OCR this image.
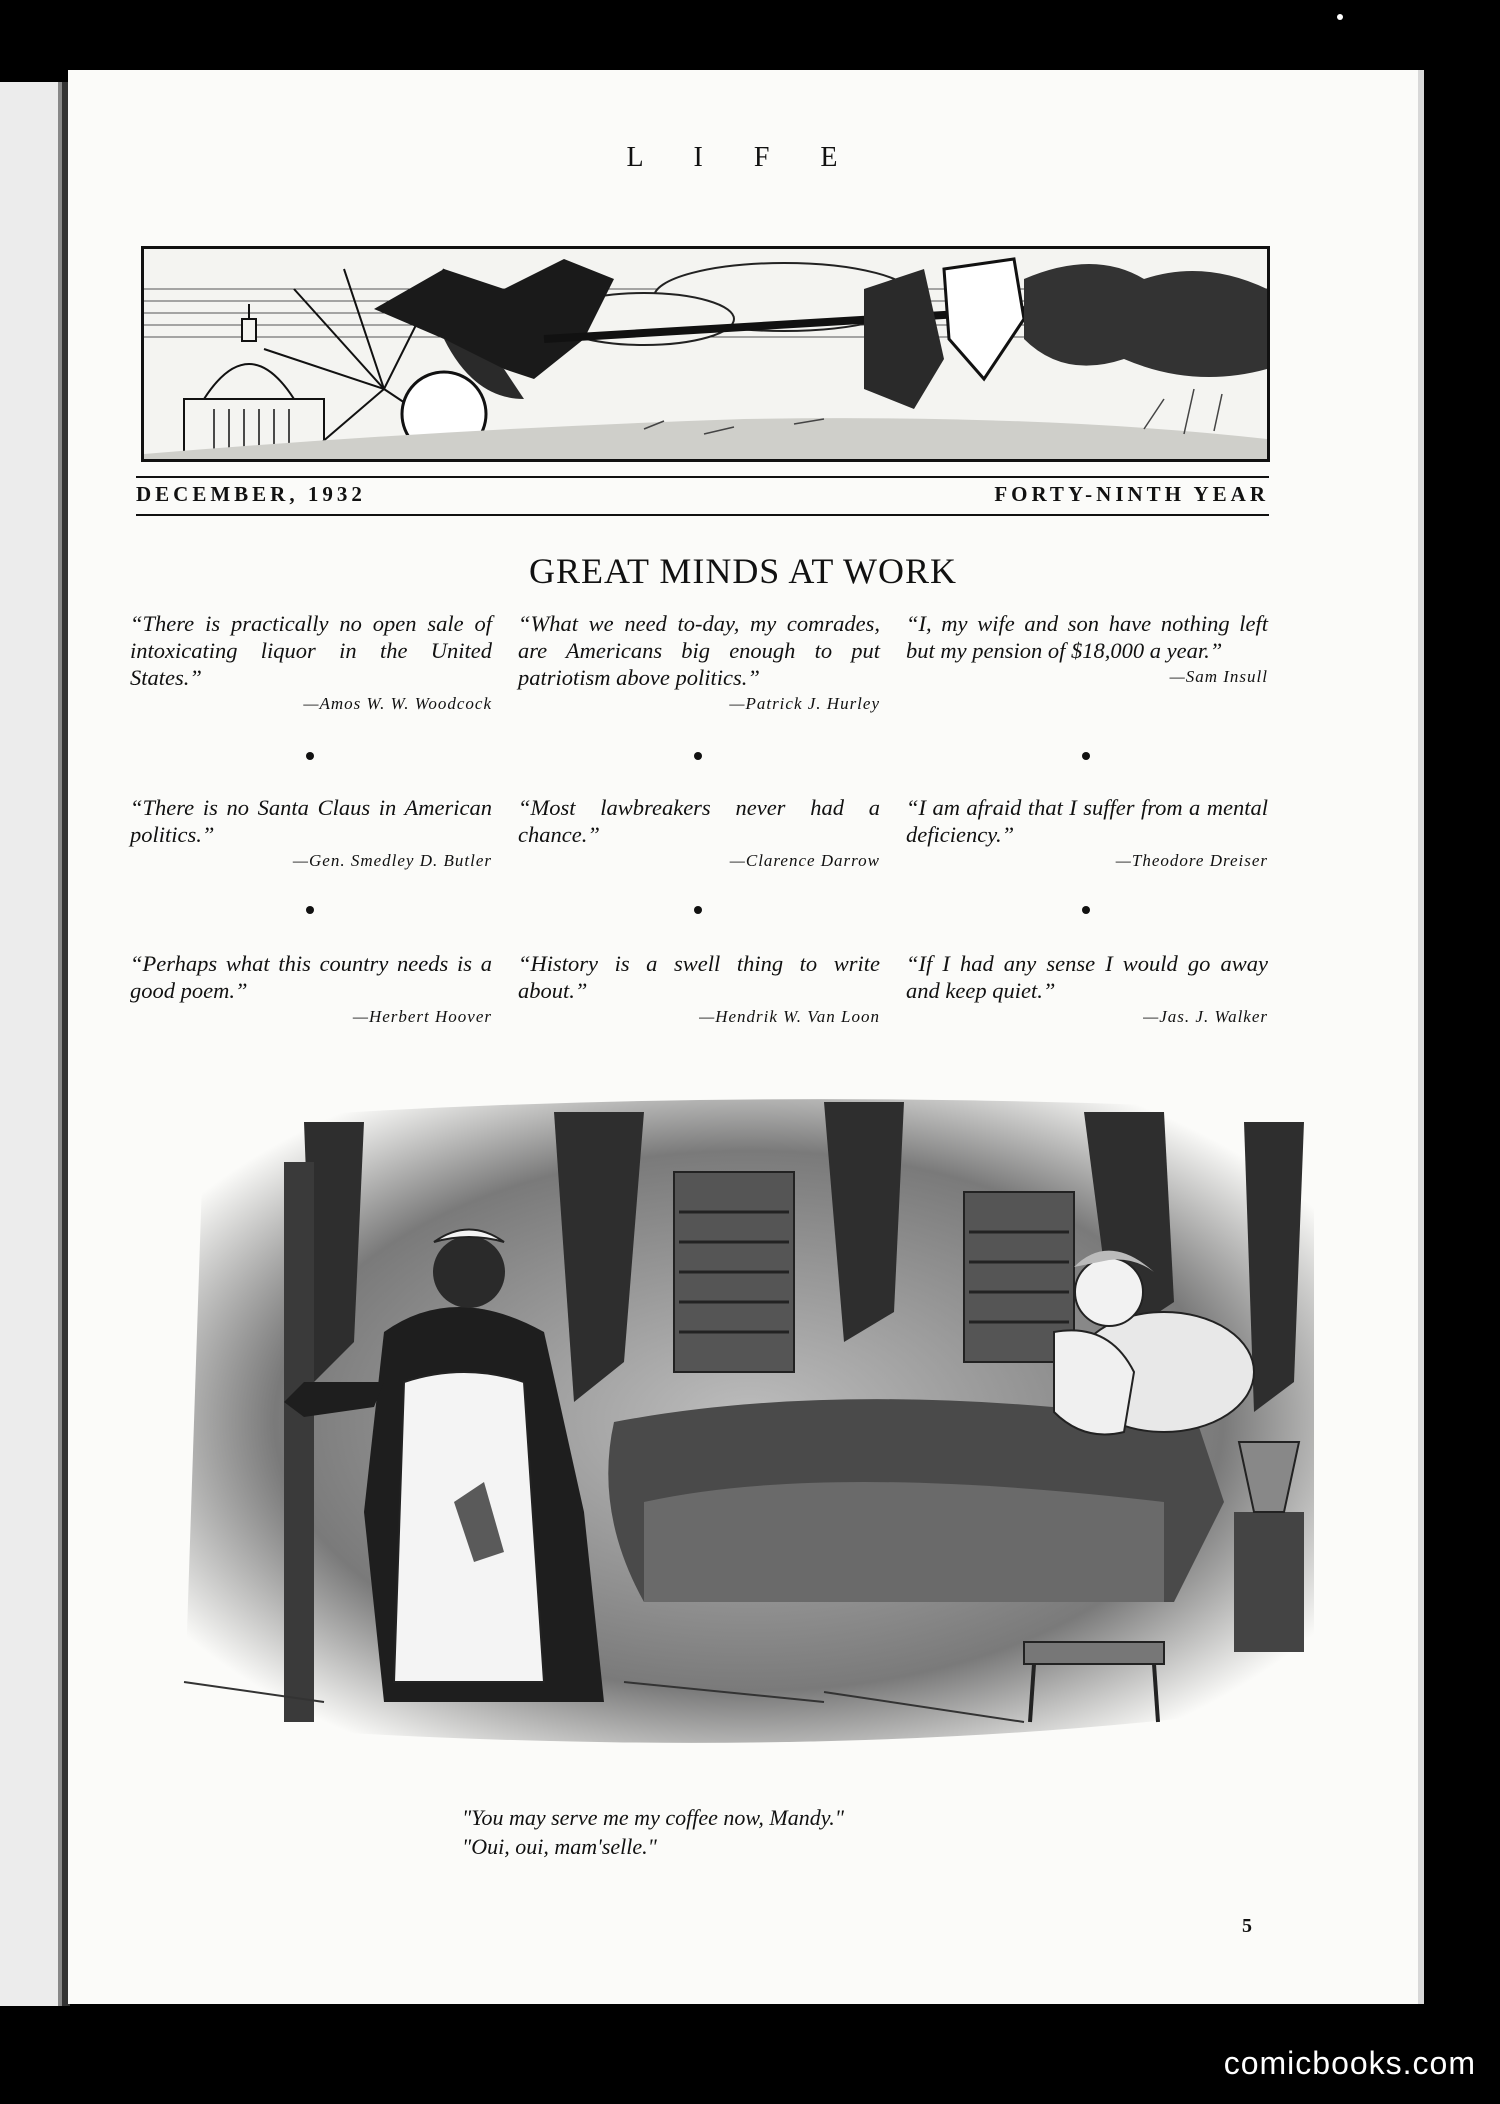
L I F E
DECEMBER, 1932	FORTY-NINTH YEAR
GREAT MINDS AT WORK
“There is practically no open sale of intoxicating liquor in the United States.”
—Amos W. W. Woodcock
“What we need to-day, my comrades, are Americans big enough to put patriotism above politics.”
—Patrick J. Hurley
“I, my wife and son have nothing left but my pension of $18,000 a year.”
—Sam Insull
“There is no Santa Claus in American politics.”
—Gen. Smedley D. Butler
“Most lawbreakers never had a chance.”
—Clarence Darrow
“I am afraid that I suffer from a mental deficiency.”
—Theodore Dreiser
“Perhaps what this country needs is a good poem.”
—Herbert Hoover
“History is a swell thing to write about.”
—Hendrik W. Van Loon
“If I had any sense I would go away and keep quiet.”
—Jas. J. Walker
"You may serve me my coffee now, Mandy."
"Oui, oui, mam'selle."
5
comicbooks.com
